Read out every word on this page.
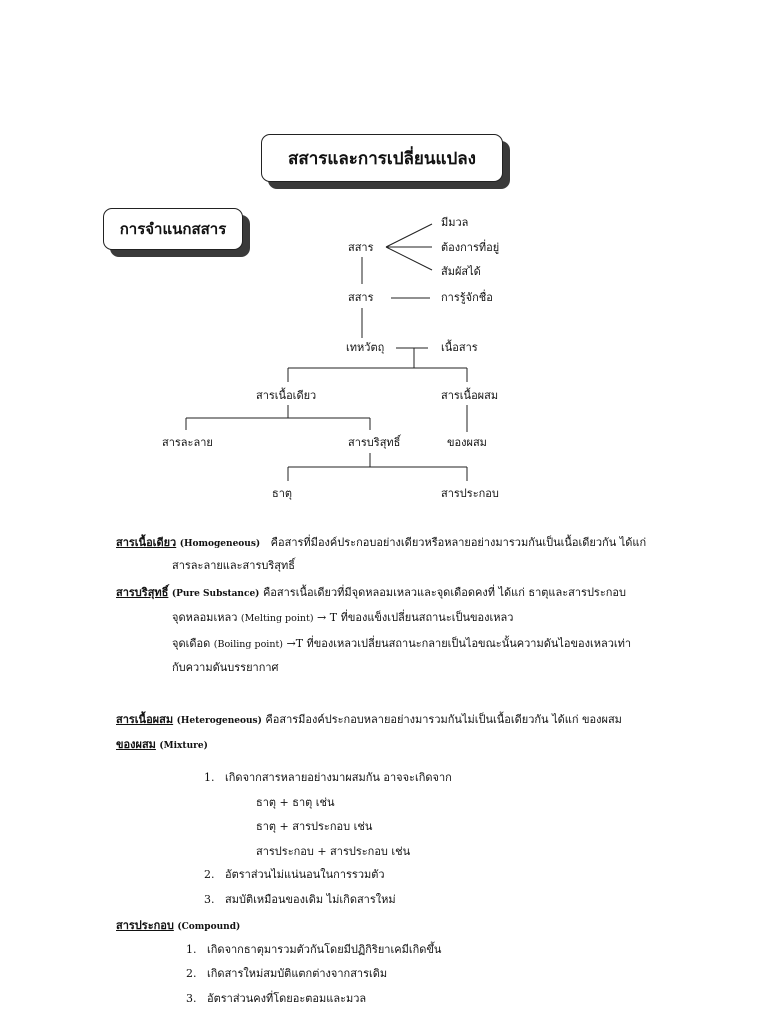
สสารและการเปลี่ยนแปลง
การจำแนกสสาร
สสาร
มีมวล
ต้องการที่อยู่
สัมผัสได้
สสาร	การรู้จักชื่อ
เทหวัตถุ	เนื้อสาร
สารเนื้อเดียว	สารเนื้อผสม
สารละลาย	สารบริสุทธิ์	ของผสม
ธาตุ	สารประกอบ
สารเนื้อเดียว (Homogeneous) คือสารที่มีองค์ประกอบอย่างเดียวหรือหลายอย่างมารวมกันเป็นเนื้อเดียวกัน ได้แก่
สารละลายและสารบริสุทธิ์
สารบริสุทธิ์ (Pure Substance) คือสารเนื้อเดียวที่มีจุดหลอมเหลวและจุดเดือดคงที่ ได้แก่ ธาตุและสารประกอบ
จุดหลอมเหลว (Melting point) → T ที่ของแข็งเปลี่ยนสถานะเป็นของเหลว
จุดเดือด (Boiling point) →T ที่ของเหลวเปลี่ยนสถานะกลายเป็นไอขณะนั้นความดันไอของเหลวเท่า
กับความดันบรรยากาศ
สารเนื้อผสม (Heterogeneous) คือสารมีองค์ประกอบหลายอย่างมารวมกันไม่เป็นเนื้อเดียวกัน ได้แก่ ของผสม
ของผสม (Mixture)
1. เกิดจากสารหลายอย่างมาผสมกัน อาจจะเกิดจาก
ธาตุ + ธาตุ เช่น
ธาตุ + สารประกอบ เช่น
สารประกอบ + สารประกอบ เช่น
2. อัตราส่วนไม่แน่นอนในการรวมตัว
3. สมบัติเหมือนของเดิม ไม่เกิดสารใหม่
สารประกอบ (Compound)
1. เกิดจากธาตุมารวมตัวกันโดยมีปฏิกิริยาเคมีเกิดขึ้น
2. เกิดสารใหม่สมบัติแตกต่างจากสารเดิม
3. อัตราส่วนคงที่โดยอะตอมและมวล
